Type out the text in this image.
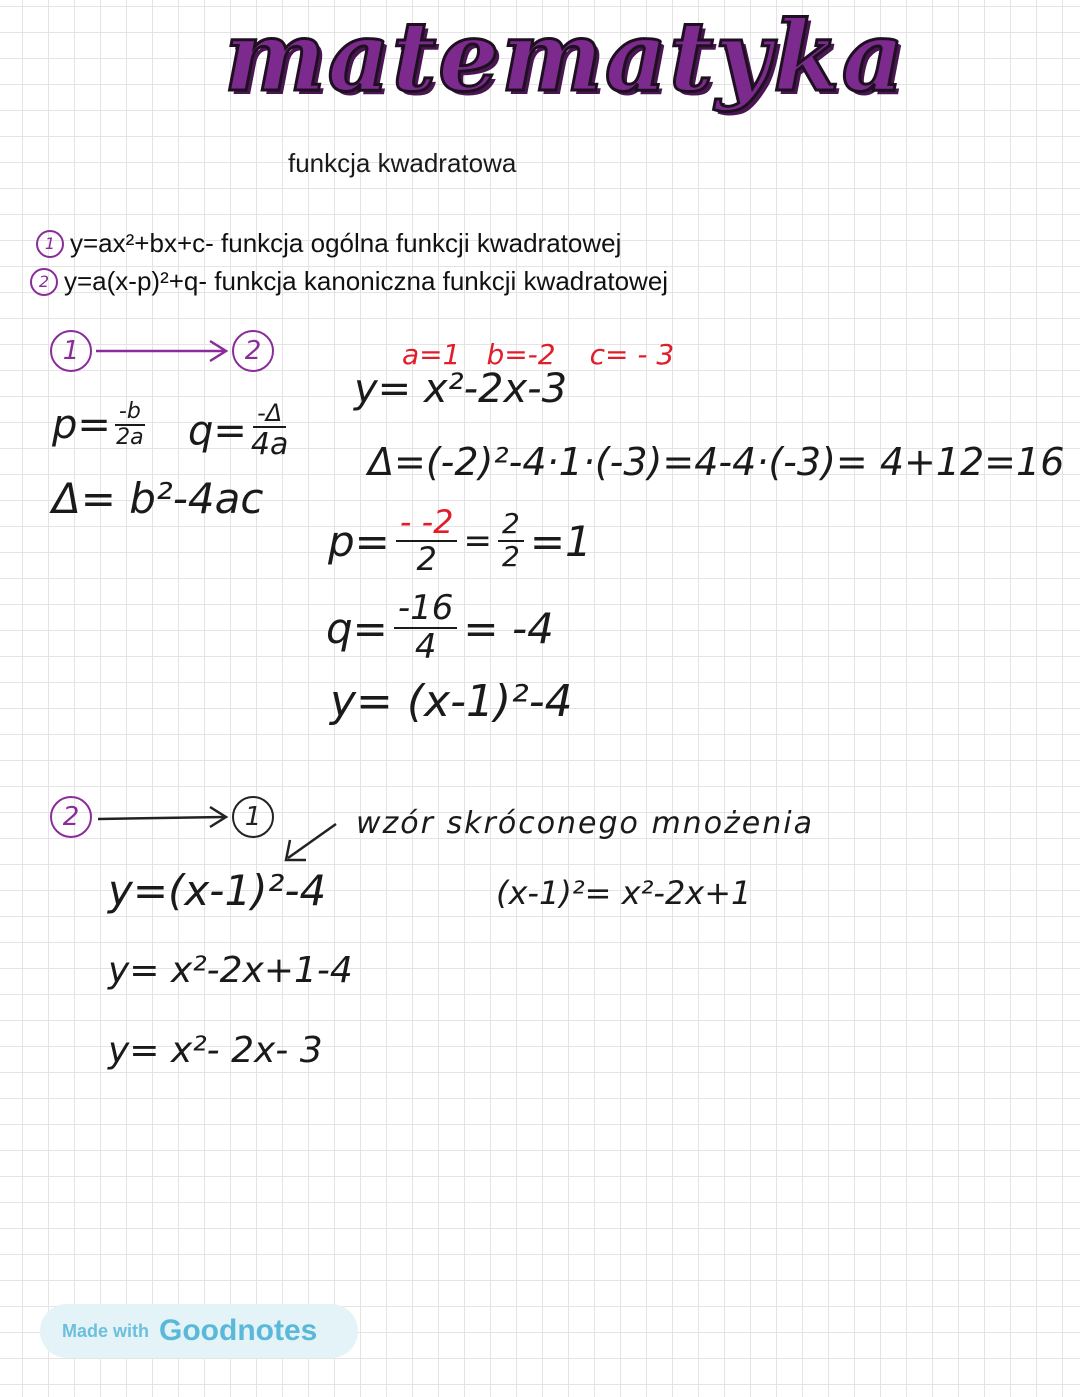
matematyka
funkcja kwadratowa
1 y=ax²+bx+c- funkcja ogólna funkcji kwadratowej
2 y=a(x-p)²+q- funkcja kanoniczna funkcji kwadratowej
1	2
$p= \frac{-b}{2a} q= \frac{-\Delta}{4a}$
Δ= b²-4ac
a=1 b=-2 c= - 3
y= x²-2x-3
Δ=(-2)²-4·1·(-3)=4-4·(-3)= 4+12=16
$p= \frac{- -2}{2} = \frac{2}{2} =1$
$q= \frac{-16}{4} = -4$
y= (x-1)²-4
2	1	wzór skróconego mnożenia
(x-1)²= x²-2x+1
y=(x-1)²-4
y= x²-2x+1-4
y= x²- 2x- 3
Made with Goodnotes
